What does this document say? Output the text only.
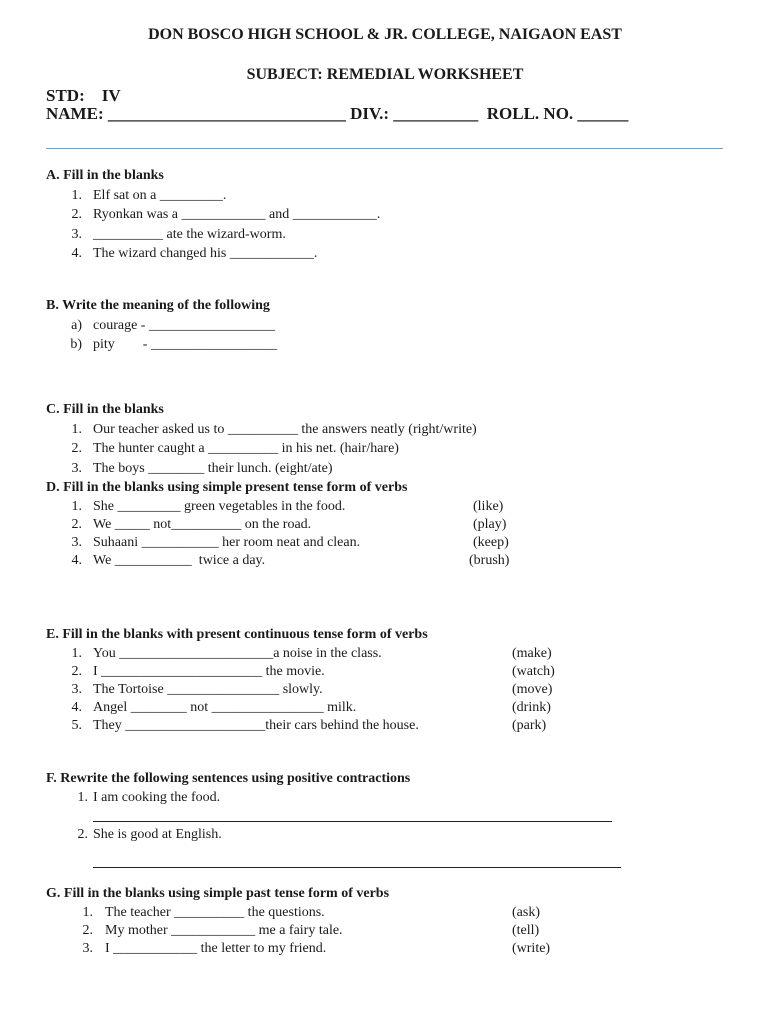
DON BOSCO HIGH SCHOOL & JR. COLLEGE, NAIGAON EAST
SUBJECT: REMEDIAL WORKSHEET
STD:    IV
NAME: ____________________________ DIV.: __________  ROLL. NO. ______
A. Fill in the blanks
1. Elf sat on a _________.
2. Ryonkan was a ____________ and ____________.
3. __________ ate the wizard-worm.
4. The wizard changed his ____________.
B. Write the meaning of the following
a) courage - __________________
b) pity        - __________________
C. Fill in the blanks
1. Our teacher asked us to __________ the answers neatly (right/write)
2. The hunter caught a __________ in his net. (hair/hare)
3. The boys ________ their lunch. (eight/ate)
D. Fill in the blanks using simple present tense form of verbs
1. She _________ green vegetables in the food.	(like)
2. We _____ not__________ on the road.	(play)
3. Suhaani ___________ her room neat and clean.	(keep)
4. We ___________  twice a day.	(brush)
E. Fill in the blanks with present continuous tense form of verbs
1. You ______________________a noise in the class.	(make)
2. I _______________________ the movie.	(watch)
3. The Tortoise ________________ slowly.	(move)
4. Angel ________ not ________________ milk.	(drink)
5. They ____________________their cars behind the house.	(park)
F. Rewrite the following sentences using positive contractions
1. I am cooking the food.
2. She is good at English.
G. Fill in the blanks using simple past tense form of verbs
1. The teacher __________ the questions.	(ask)
2. My mother ____________ me a fairy tale.	(tell)
3. I ____________ the letter to my friend.	(write)
